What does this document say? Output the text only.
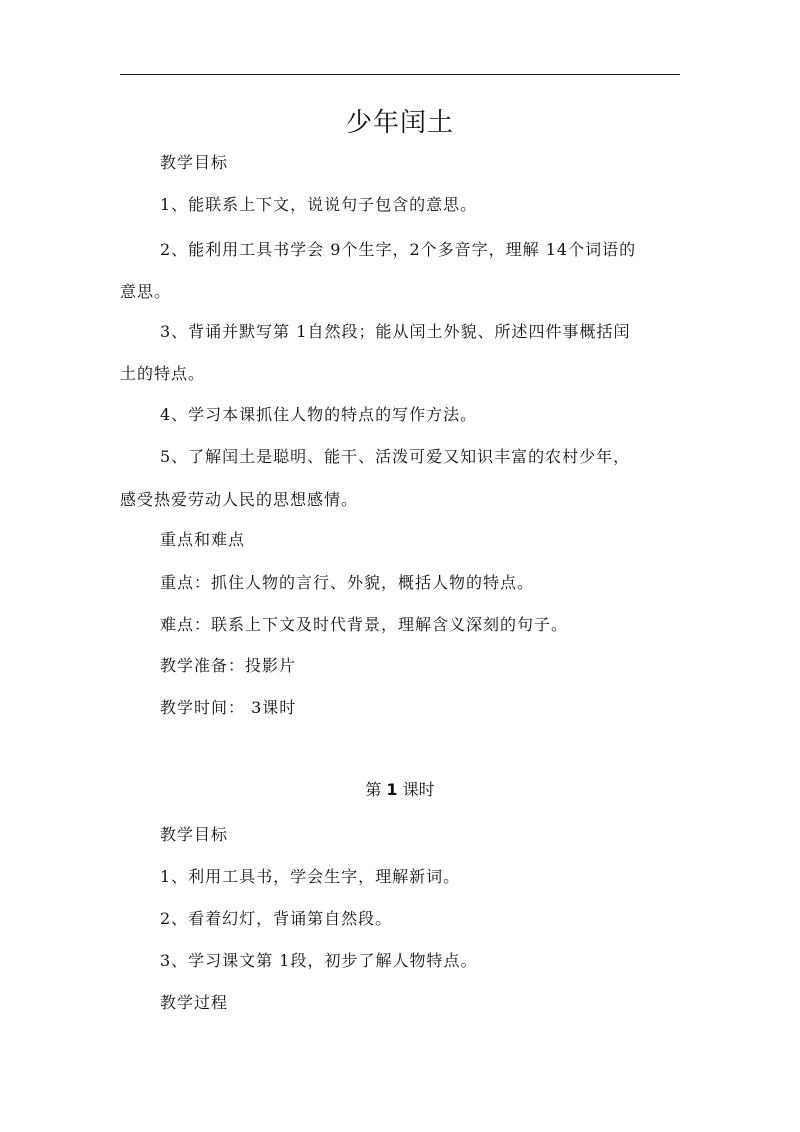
少年闰土
教学目标
1、能联系上下文，说说句子包含的意思。
2、能利用工具书学会 9个生字，2个多音字，理解 14个词语的
意思。
3、背诵并默写第 1自然段；能从闰土外貌、所述四件事概括闰
土的特点。
4、学习本课抓住人物的特点的写作方法。
5、了解闰土是聪明、能干、活泼可爱又知识丰富的农村少年，
感受热爱劳动人民的思想感情。
重点和难点
重点：抓住人物的言行、外貌，概括人物的特点。
难点：联系上下文及时代背景，理解含义深刻的句子。
教学准备：投影片
教学时间： 3课时
第 1 课时
教学目标
1、利用工具书，学会生字，理解新词。
2、看着幻灯，背诵第自然段。
3、学习课文第 1段，初步了解人物特点。
教学过程
